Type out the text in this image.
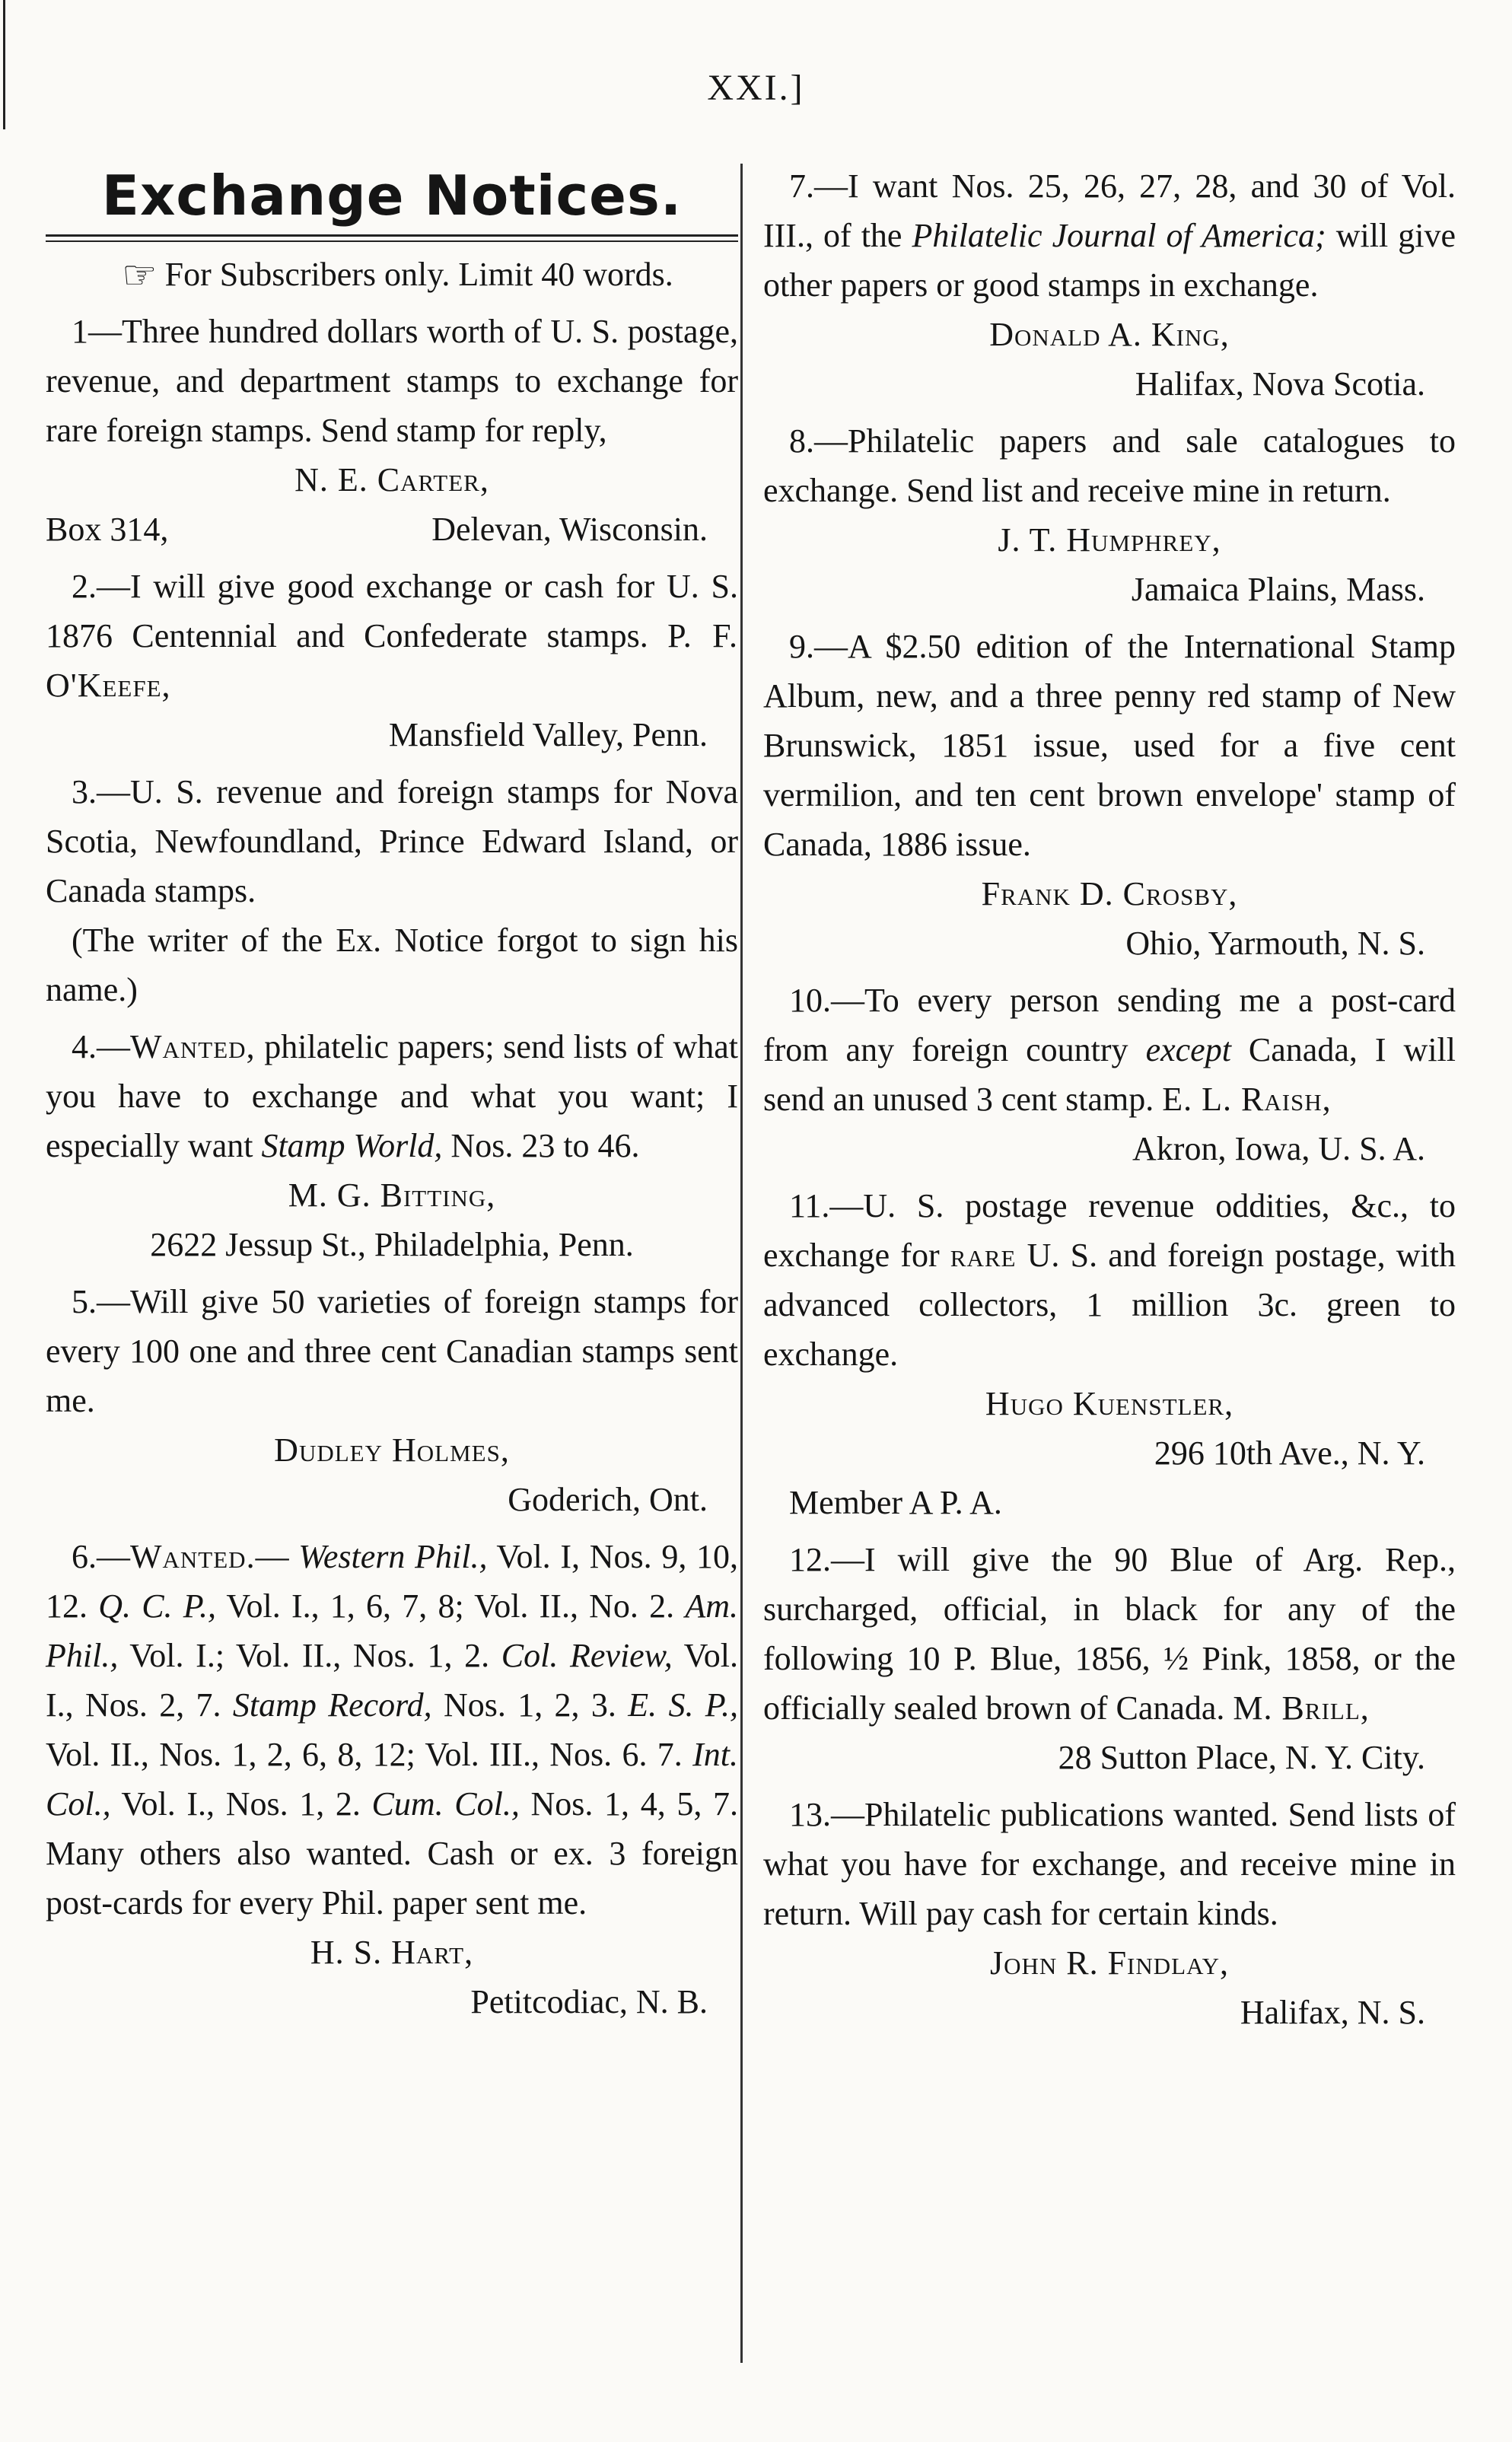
XXI.]
Exchange Notices.

☞ For Subscribers only. Limit 40 words.

1—Three hundred dollars worth of U. S. postage, revenue, and department stamps to exchange for rare foreign stamps. Send stamp for reply,

N. E. Carter,

Box 314,	Delevan, Wisconsin.

2.—I will give good exchange or cash for U. S. 1876 Centennial and Confederate stamps. P. F. O'Keefe,

Mansfield Valley, Penn.

3.—U. S. revenue and foreign stamps for Nova Scotia, Newfoundland, Prince Edward Island, or Canada stamps.

(The writer of the Ex. Notice forgot to sign his name.)

4.—Wanted, philatelic papers; send lists of what you have to exchange and what you want; I especially want Stamp World, Nos. 23 to 46.

M. G. Bitting,

2622 Jessup St., Philadelphia, Penn.

5.—Will give 50 varieties of foreign stamps for every 100 one and three cent Canadian stamps sent me.

Dudley Holmes,

Goderich, Ont.

6.—Wanted.— Western Phil., Vol. I, Nos. 9, 10, 12. Q. C. P., Vol. I., 1, 6, 7, 8; Vol. II., No. 2. Am. Phil., Vol. I.; Vol. II., Nos. 1, 2. Col. Review, Vol. I., Nos. 2, 7. Stamp Record, Nos. 1, 2, 3. E. S. P., Vol. II., Nos. 1, 2, 6, 8, 12; Vol. III., Nos. 6. 7. Int. Col., Vol. I., Nos. 1, 2. Cum. Col., Nos. 1, 4, 5, 7. Many others also wanted. Cash or ex. 3 foreign post-cards for every Phil. paper sent me.

H. S. Hart,

Petitcodiac, N. B.

7.—I want Nos. 25, 26, 27, 28, and 30 of Vol. III., of the Philatelic Journal of America; will give other papers or good stamps in exchange.

Donald A. King,

Halifax, Nova Scotia.

8.—Philatelic papers and sale catalogues to exchange. Send list and receive mine in return.

J. T. Humphrey,

Jamaica Plains, Mass.

9.—A $2.50 edition of the International Stamp Album, new, and a three penny red stamp of New Brunswick, 1851 issue, used for a five cent vermilion, and ten cent brown envelope' stamp of Canada, 1886 issue.

Frank D. Crosby,

Ohio, Yarmouth, N. S.

10.—To every person sending me a post-card from any foreign country except Canada, I will send an unused 3 cent stamp. E. L. Raish,

Akron, Iowa, U. S. A.

11.—U. S. postage revenue oddities, &c., to exchange for rare U. S. and foreign postage, with advanced collectors, 1 million 3c. green to exchange.

Hugo Kuenstler,

296 10th Ave., N. Y.

Member A P. A.

12.—I will give the 90 Blue of Arg. Rep., surcharged, official, in black for any of the following 10 P. Blue, 1856, ½ Pink, 1858, or the officially sealed brown of Canada. M. Brill,

28 Sutton Place, N. Y. City.

13.—Philatelic publications wanted. Send lists of what you have for exchange, and receive mine in return. Will pay cash for certain kinds.

John R. Findlay,

Halifax, N. S.
